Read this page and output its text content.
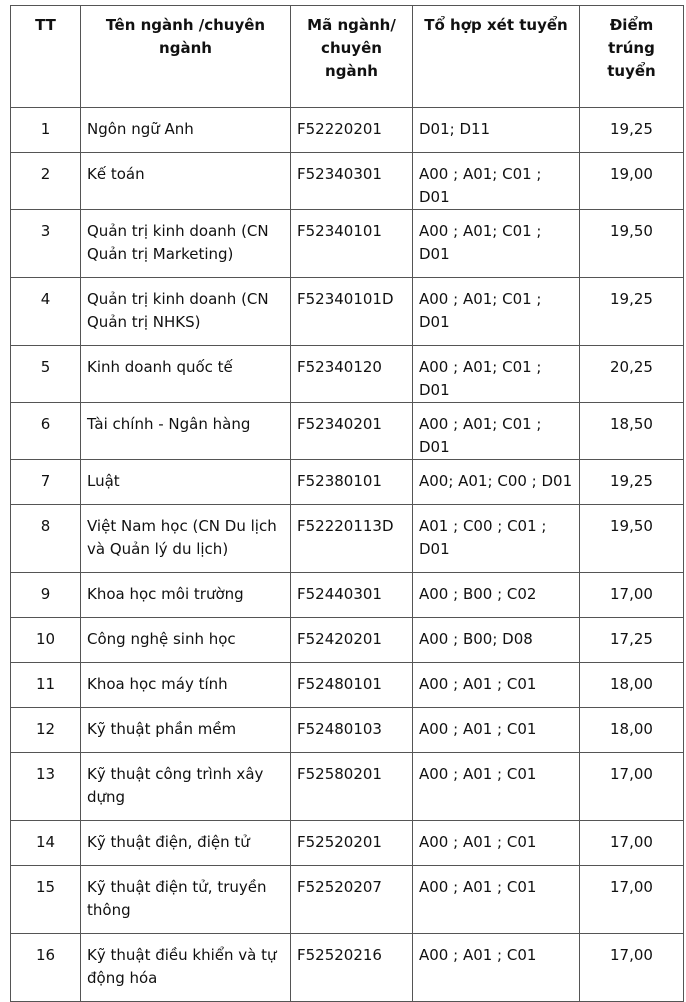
TT	Tên ngành /chuyên ngành	Mã ngành/ chuyên ngành	Tổ hợp xét tuyển	Điểm trúng tuyển
1	Ngôn ngữ Anh	F52220201	D01; D11	19,25
2	Kế toán	F52340301	A00 ; A01; C01 ; D01	19,00
3	Quản trị kinh doanh (CN Quản trị Marketing)	F52340101	A00 ; A01; C01 ; D01	19,50
4	Quản trị kinh doanh (CN Quản trị NHKS)	F52340101D	A00 ; A01; C01 ; D01	19,25
5	Kinh doanh quốc tế	F52340120	A00 ; A01; C01 ; D01	20,25
6	Tài chính - Ngân hàng	F52340201	A00 ; A01; C01 ; D01	18,50
7	Luật	F52380101	A00; A01; C00 ; D01	19,25
8	Việt Nam học (CN Du lịch và Quản lý du lịch)	F52220113D	A01 ; C00 ; C01 ; D01	19,50
9	Khoa học môi trường	F52440301	A00 ; B00 ; C02	17,00
10	Công nghệ sinh học	F52420201	A00 ; B00; D08	17,25
11	Khoa học máy tính	F52480101	A00 ; A01 ; C01	18,00
12	Kỹ thuật phần mềm	F52480103	A00 ; A01 ; C01	18,00
13	Kỹ thuật công trình xây dựng	F52580201	A00 ; A01 ; C01	17,00
14	Kỹ thuật điện, điện tử	F52520201	A00 ; A01 ; C01	17,00
15	Kỹ thuật điện tử, truyền thông	F52520207	A00 ; A01 ; C01	17,00
16	Kỹ thuật điều khiển và tự động hóa	F52520216	A00 ; A01 ; C01	17,00
